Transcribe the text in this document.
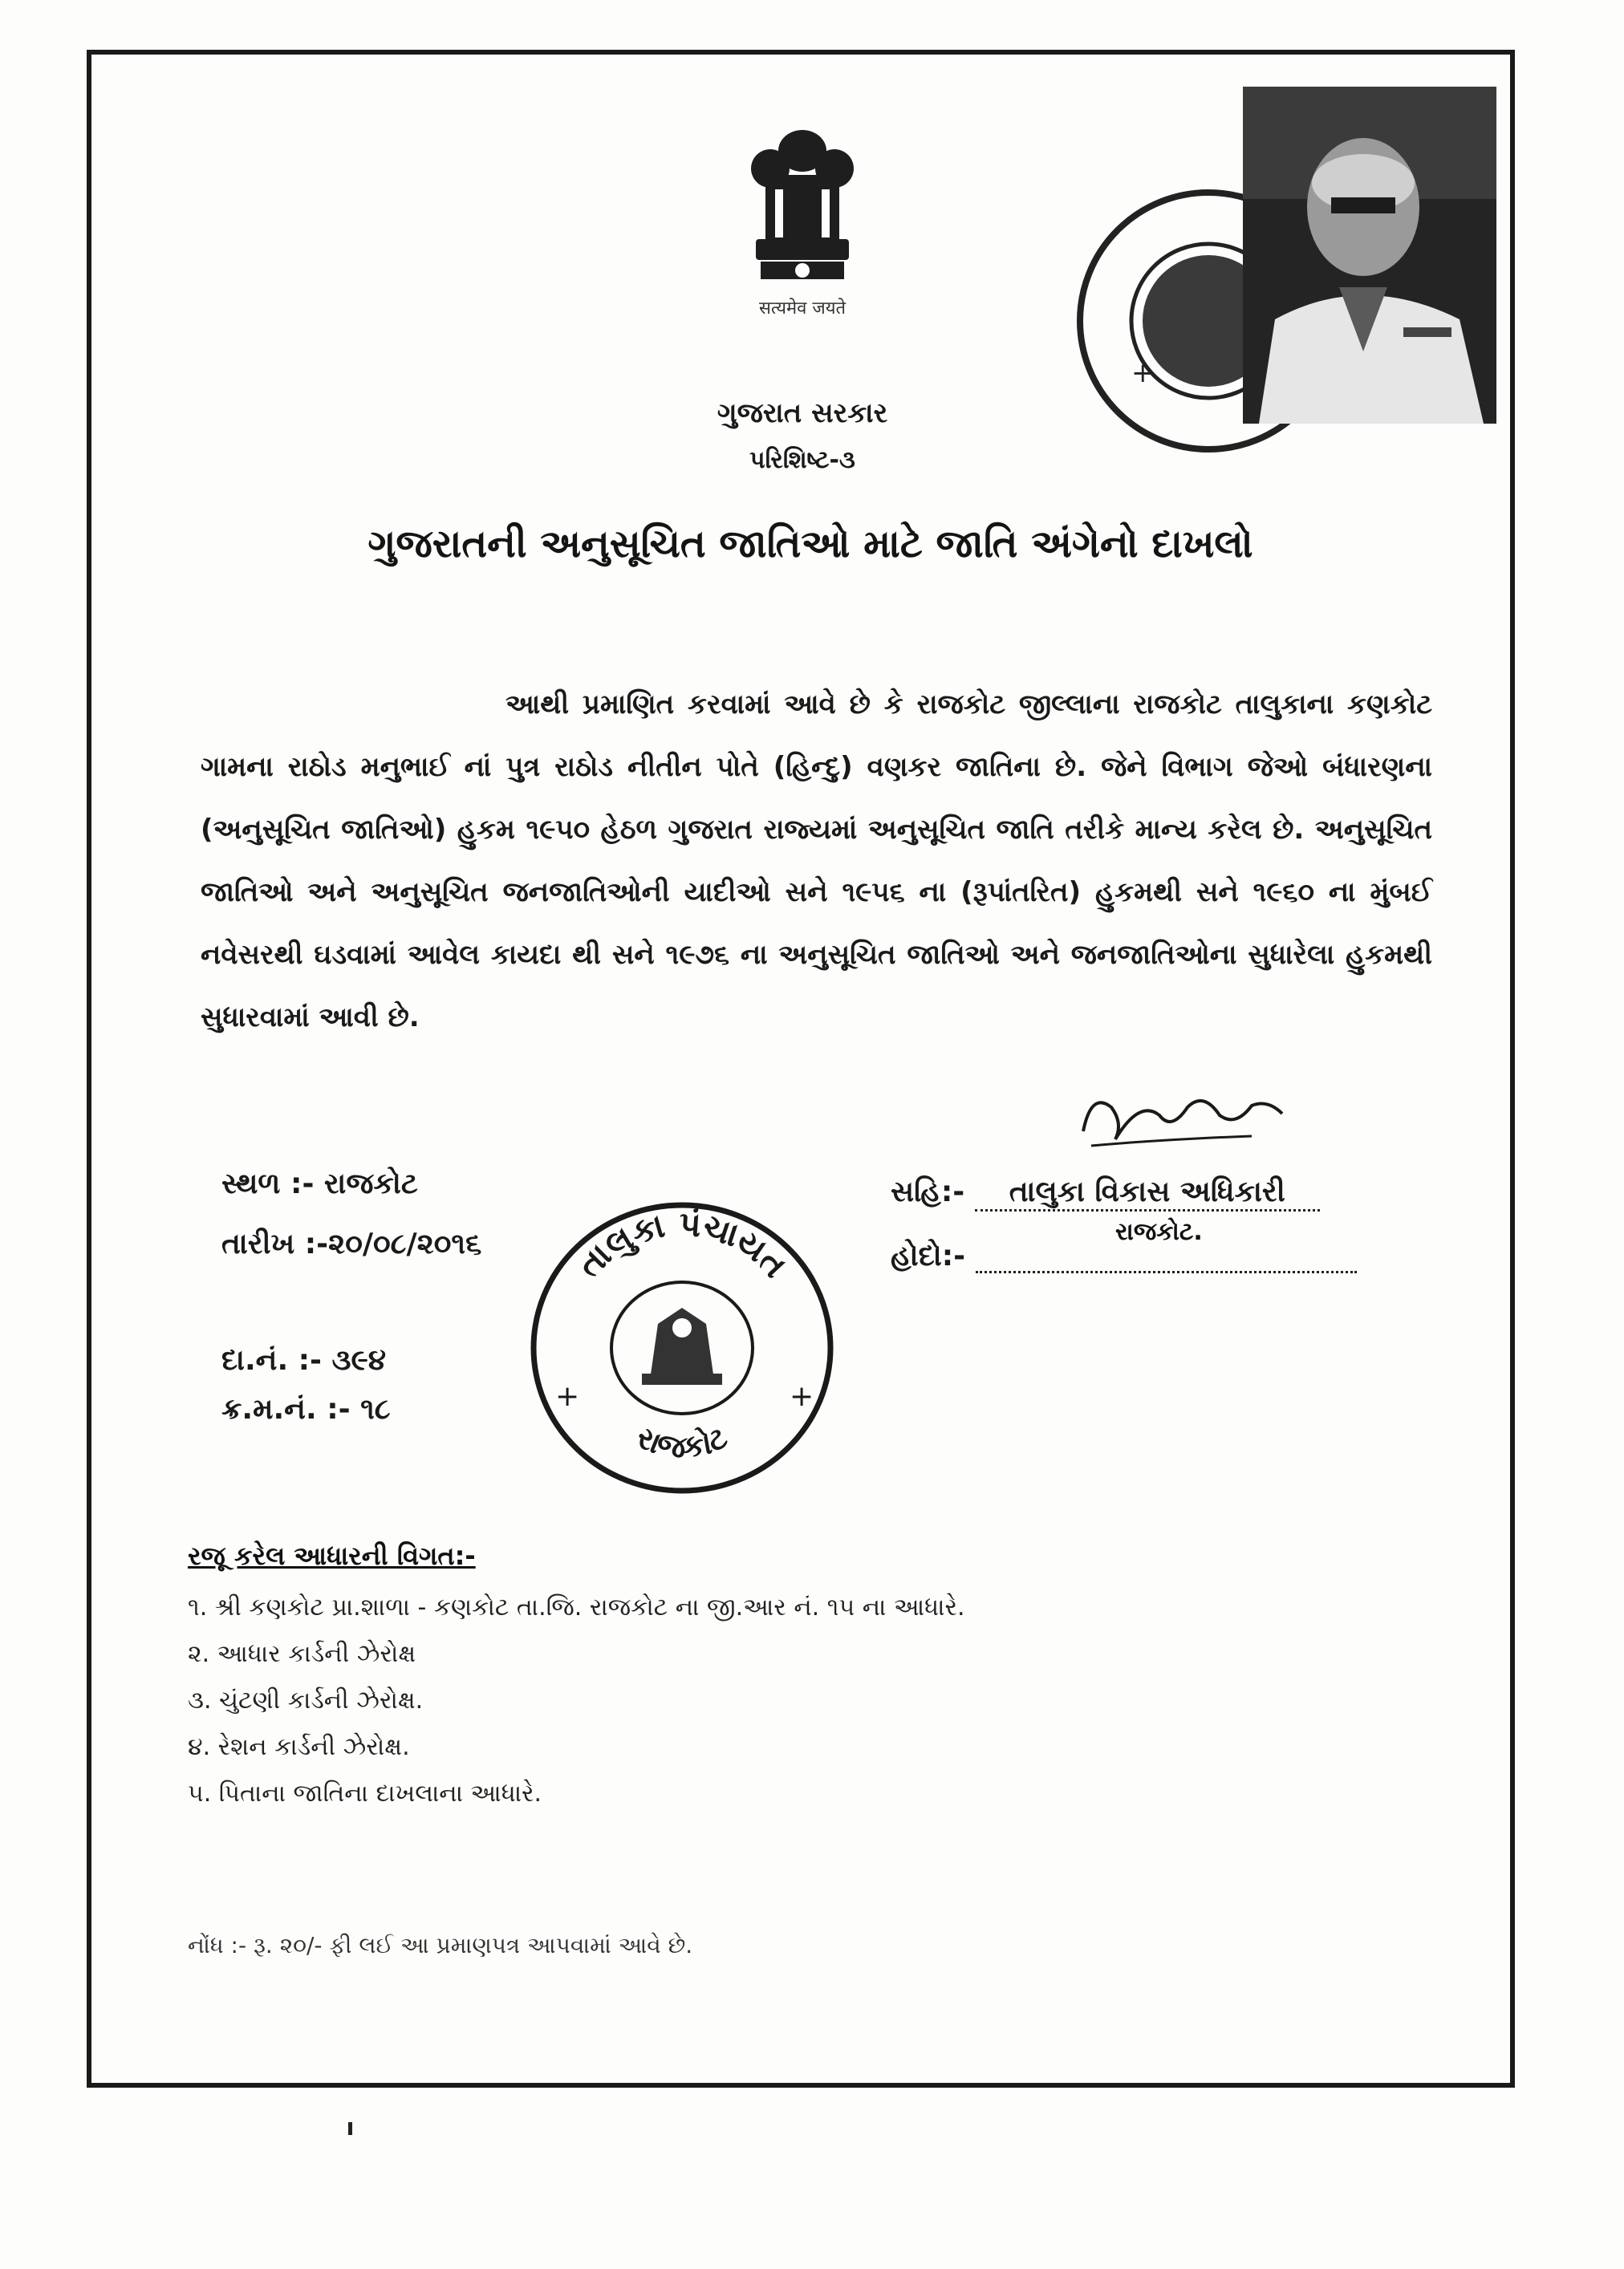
सत्यमेव जयते
ગુજરાત સરકાર
પરિશિષ્ટ-૩
+
ગુજરાતની અનુસૂચિત જાતિઓ માટે જાતિ અંગેનો દાખલો

આથી પ્રમાણિત કરવામાં આવે છે કે રાજકોટ જીલ્લાના રાજકોટ તાલુકાના કણકોટ ગામના રાઠોડ મનુભાઈ નાં પુત્ર રાઠોડ નીતીન પોતે (હિન્દુ) વણકર જાતિના છે. જેને વિભાગ જેઓ બંધારણના (અનુસૂચિત જાતિઓ) હુકમ ૧૯૫૦ હેઠળ ગુજરાત રાજ્યમાં અનુસૂચિત જાતિ તરીકે માન્ય કરેલ છે. અનુસૂચિત જાતિઓ અને અનુસૂચિત જનજાતિઓની યાદીઓ સને ૧૯૫૬ ના (રૂપાંતરિત) હુકમથી સને ૧૯૬૦ ના મુંબઈ નવેસરથી ઘડવામાં આવેલ કાયદા થી સને ૧૯૭૬ ના અનુસૂચિત જાતિઓ અને જનજાતિઓના સુધારેલા હુકમથી સુધારવામાં આવી છે.

સ્થળ :- રાજકોટ
તારીખ :-૨૦/૦૮/૨૦૧૬
દા.નં. :- ૩૯૪
ક્ર.મ.નં. :- ૧૮
સહિ:- તાલુકા વિકાસ અધિકારી
રાજકોટ.
હોદો:-
તાલુકા પંચાયત
રાજકોટ
+	+
રજૂ કરેલ આધારની વિગત:-
૧. શ્રી કણકોટ પ્રા.શાળા - કણકોટ તા.જિ. રાજકોટ ના જી.આર નં. ૧૫ ના આધારે.
૨. આધાર કાર્ડની ઝેરોક્ષ
૩. ચુંટણી કાર્ડની ઝેરોક્ષ.
૪. રેશન કાર્ડની ઝેરોક્ષ.
૫. પિતાના જાતિના દાખલાના આધારે.
નોંધ :- રૂ. ૨૦/- ફી લઈ આ પ્રમાણપત્ર આપવામાં આવે છે.
